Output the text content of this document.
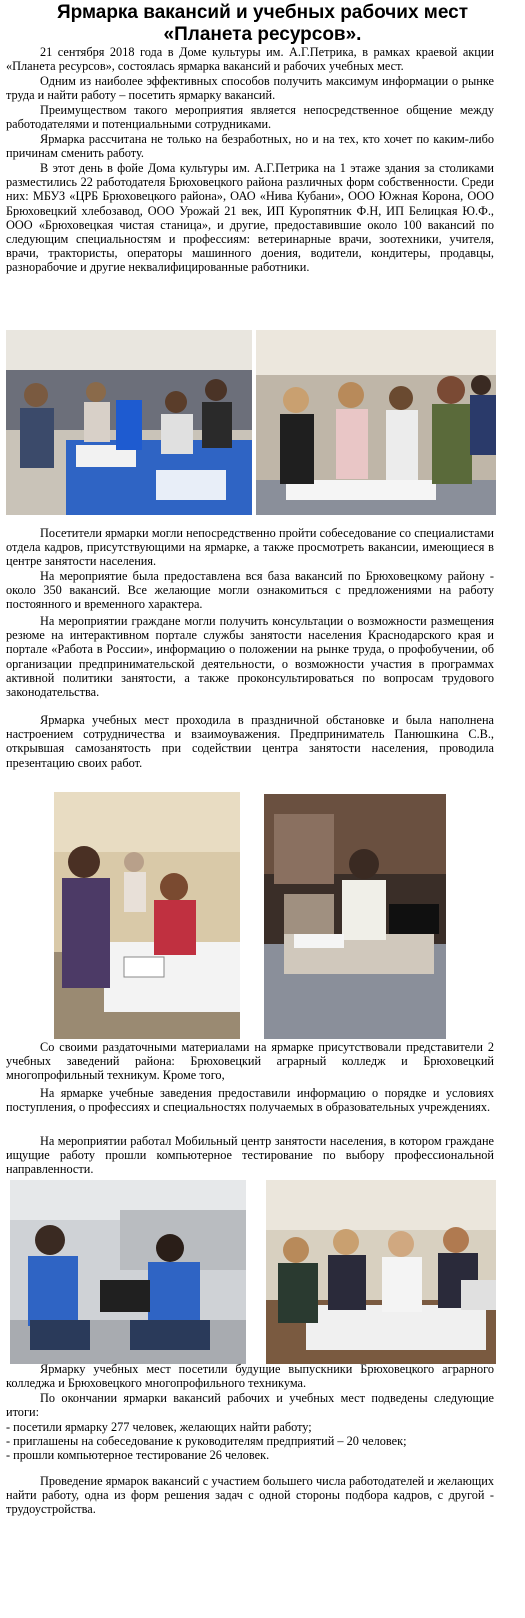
Ярмарка вакансий и учебных рабочих мест
«Планета ресурсов».
21 сентября 2018 года в Доме культуры им. А.Г.Петрика, в рамках краевой акции «Планета ресурсов», состоялась ярмарка вакансий и рабочих учебных мест.
Одним из наиболее эффективных способов получить максимум информации о рынке труда и найти работу – посетить ярмарку вакансий.
Преимуществом такого мероприятия является непосредственное общение между работодателями и потенциальными сотрудниками.
Ярмарка рассчитана не только на безработных, но и на тех, кто хочет по каким-либо причинам сменить работу.
В этот день в фойе Дома культуры им. А.Г.Петрика на 1 этаже здания за столиками разместились 22 работодателя Брюховецкого района различных форм собственности. Среди них: МБУЗ «ЦРБ Брюховецкого района», ОАО «Нива Кубани», ООО Южная Корона, ООО Брюховецкий хлебозавод, ООО Урожай 21 век, ИП Куропятник Ф.Н, ИП Белицкая Ю.Ф., ООО «Брюховецкая чистая станица», и другие, предоставившие около 100 вакансий по следующим специальностям и профессиям: ветеринарные врачи, зоотехники, учителя, врачи, трактористы, операторы машинного доения, водители, кондитеры, продавцы, разнорабочие и другие неквалифицированные работники.
Посетители ярмарки могли непосредственно пройти собеседование со специалистами отдела кадров, присутствующими на ярмарке, а также просмотреть вакансии, имеющиеся в центре занятости населения.
На мероприятие была предоставлена вся база вакансий по Брюховецкому району - около 350 вакансий. Все желающие могли ознакомиться с предложениями на работу постоянного и временного характера.
На мероприятии граждане могли получить консультации о возможности размещения резюме на интерактивном портале службы занятости населения Краснодарского края и портале «Работа в России», информацию о положении на рынке труда, о профобучении, об организации предпринимательской деятельности, о возможности участия в программах активной политики занятости, а также проконсультироваться по вопросам трудового законодательства.
Ярмарка учебных мест проходила в праздничной обстановке и была наполнена настроением сотрудничества и взаимоуважения. Предприниматель Панюшкина С.В., открывшая самозанятость при содействии центра занятости населения, проводила презентацию своих работ.
Со своими раздаточными материалами на ярмарке присутствовали представители 2 учебных заведений района: Брюховецкий аграрный колледж и Брюховецкий многопрофильный техникум. Кроме того,
На ярмарке учебные заведения предоставили информацию о порядке и условиях поступления, о профессиях и специальностях получаемых в образовательных учреждениях.
На мероприятии работал Мобильный центр занятости населения, в котором граждане ищущие работу прошли компьютерное тестирование по выбору профессиональной направленности.
Ярмарку учебных мест посетили будущие выпускники Брюховецкого аграрного колледжа и Брюховецкого многопрофильного техникума.
По окончании ярмарки вакансий рабочих и учебных мест подведены следующие итоги:
- посетили ярмарку 277 человек, желающих найти работу;
- приглашены на собеседование к руководителям предприятий – 20 человек;
- прошли компьютерное тестирование 26 человек.
Проведение ярмарок вакансий с участием большего числа работодателей и желающих найти работу, одна из форм решения задач с одной стороны подбора кадров, с другой - трудоустройства.
